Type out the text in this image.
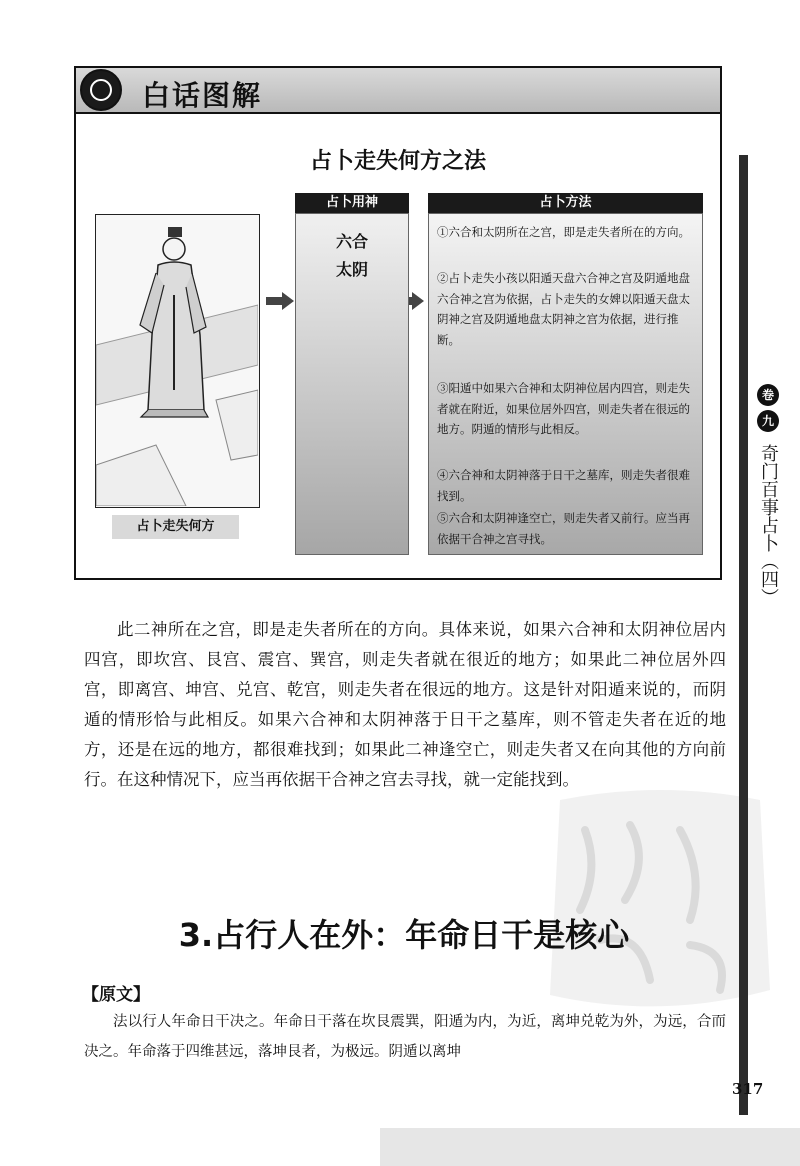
白话图解
占卜走失何方之法
占卜走失何方
占卜用神
六合
太阴
占卜方法
①六合和太阴所在之宫，即是走失者所在的方向。
②占卜走失小孩以阳遁天盘六合神之宫及阴遁地盘六合神之宫为依据，占卜走失的女婢以阳遁天盘太阴神之宫及阴遁地盘太阴神之宫为依据，进行推断。
③阳遁中如果六合神和太阴神位居内四宫，则走失者就在附近，如果位居外四宫，则走失者在很远的地方。阴遁的情形与此相反。
④六合神和太阴神落于日干之墓库，则走失者很难找到。
⑤六合和太阴神逢空亡，则走失者又前行。应当再依据干合神之宫寻找。
此二神所在之宫，即是走失者所在的方向。具体来说，如果六合神和太阴神位居内四宫，即坎宫、艮宫、震宫、巽宫，则走失者就在很近的地方；如果此二神位居外四宫，即离宫、坤宫、兑宫、乾宫，则走失者在很远的地方。这是针对阳遁来说的，而阴遁的情形恰与此相反。如果六合神和太阴神落于日干之墓库，则不管走失者在近的地方，还是在远的地方，都很难找到；如果此二神逢空亡，则走失者又在向其他的方向前行。在这种情况下，应当再依据干合神之宫去寻找，就一定能找到。
3.占行人在外：年命日干是核心
【原文】
法以行人年命日干决之。年命日干落在坎艮震巽，阳遁为内，为近，离坤兑乾为外，为远，合而决之。年命落于四维甚远，落坤艮者，为极远。阴遁以离坤
卷
九
奇门百事占卜（四）
317
